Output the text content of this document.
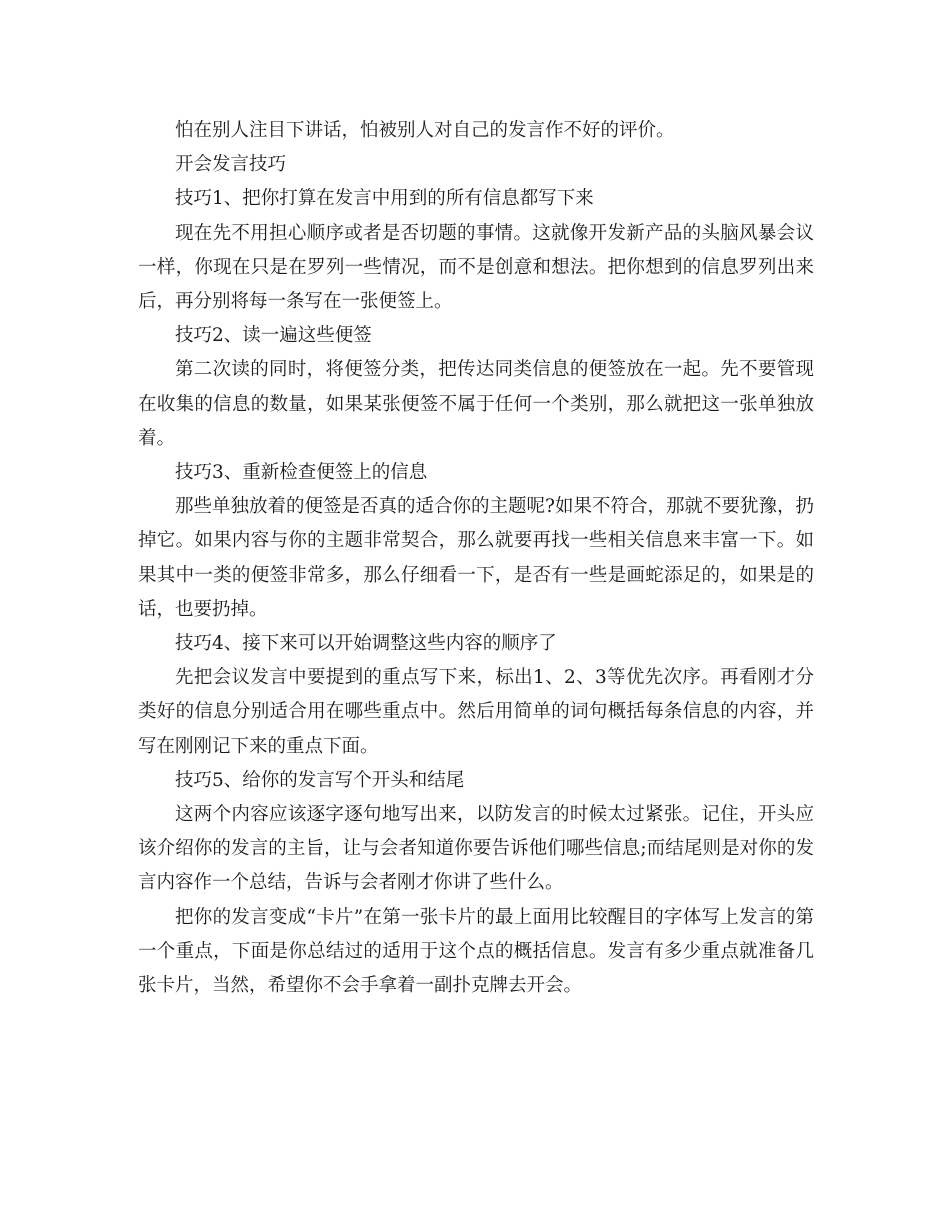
怕在别人注目下讲话，怕被别人对自己的发言作不好的评价。

开会发言技巧

技巧1、把你打算在发言中用到的所有信息都写下来

现在先不用担心顺序或者是否切题的事情。这就像开发新产品的头脑风暴会议一样，你现在只是在罗列一些情况，而不是创意和想法。把你想到的信息罗列出来后，再分别将每一条写在一张便签上。

技巧2、读一遍这些便签

第二次读的同时，将便签分类，把传达同类信息的便签放在一起。先不要管现在收集的信息的数量，如果某张便签不属于任何一个类别，那么就把这一张单独放着。

技巧3、重新检查便签上的信息

那些单独放着的便签是否真的适合你的主题呢?如果不符合，那就不要犹豫，扔掉它。如果内容与你的主题非常契合，那么就要再找一些相关信息来丰富一下。如果其中一类的便签非常多，那么仔细看一下，是否有一些是画蛇添足的，如果是的话，也要扔掉。

技巧4、接下来可以开始调整这些内容的顺序了

先把会议发言中要提到的重点写下来，标出1、2、3等优先次序。再看刚才分类好的信息分别适合用在哪些重点中。然后用简单的词句概括每条信息的内容，并写在刚刚记下来的重点下面。

技巧5、给你的发言写个开头和结尾

这两个内容应该逐字逐句地写出来，以防发言的时候太过紧张。记住，开头应该介绍你的发言的主旨，让与会者知道你要告诉他们哪些信息;而结尾则是对你的发言内容作一个总结，告诉与会者刚才你讲了些什么。

把你的发言变成“卡片”在第一张卡片的最上面用比较醒目的字体写上发言的第一个重点，下面是你总结过的适用于这个点的概括信息。发言有多少重点就准备几张卡片，当然，希望你不会手拿着一副扑克牌去开会。
